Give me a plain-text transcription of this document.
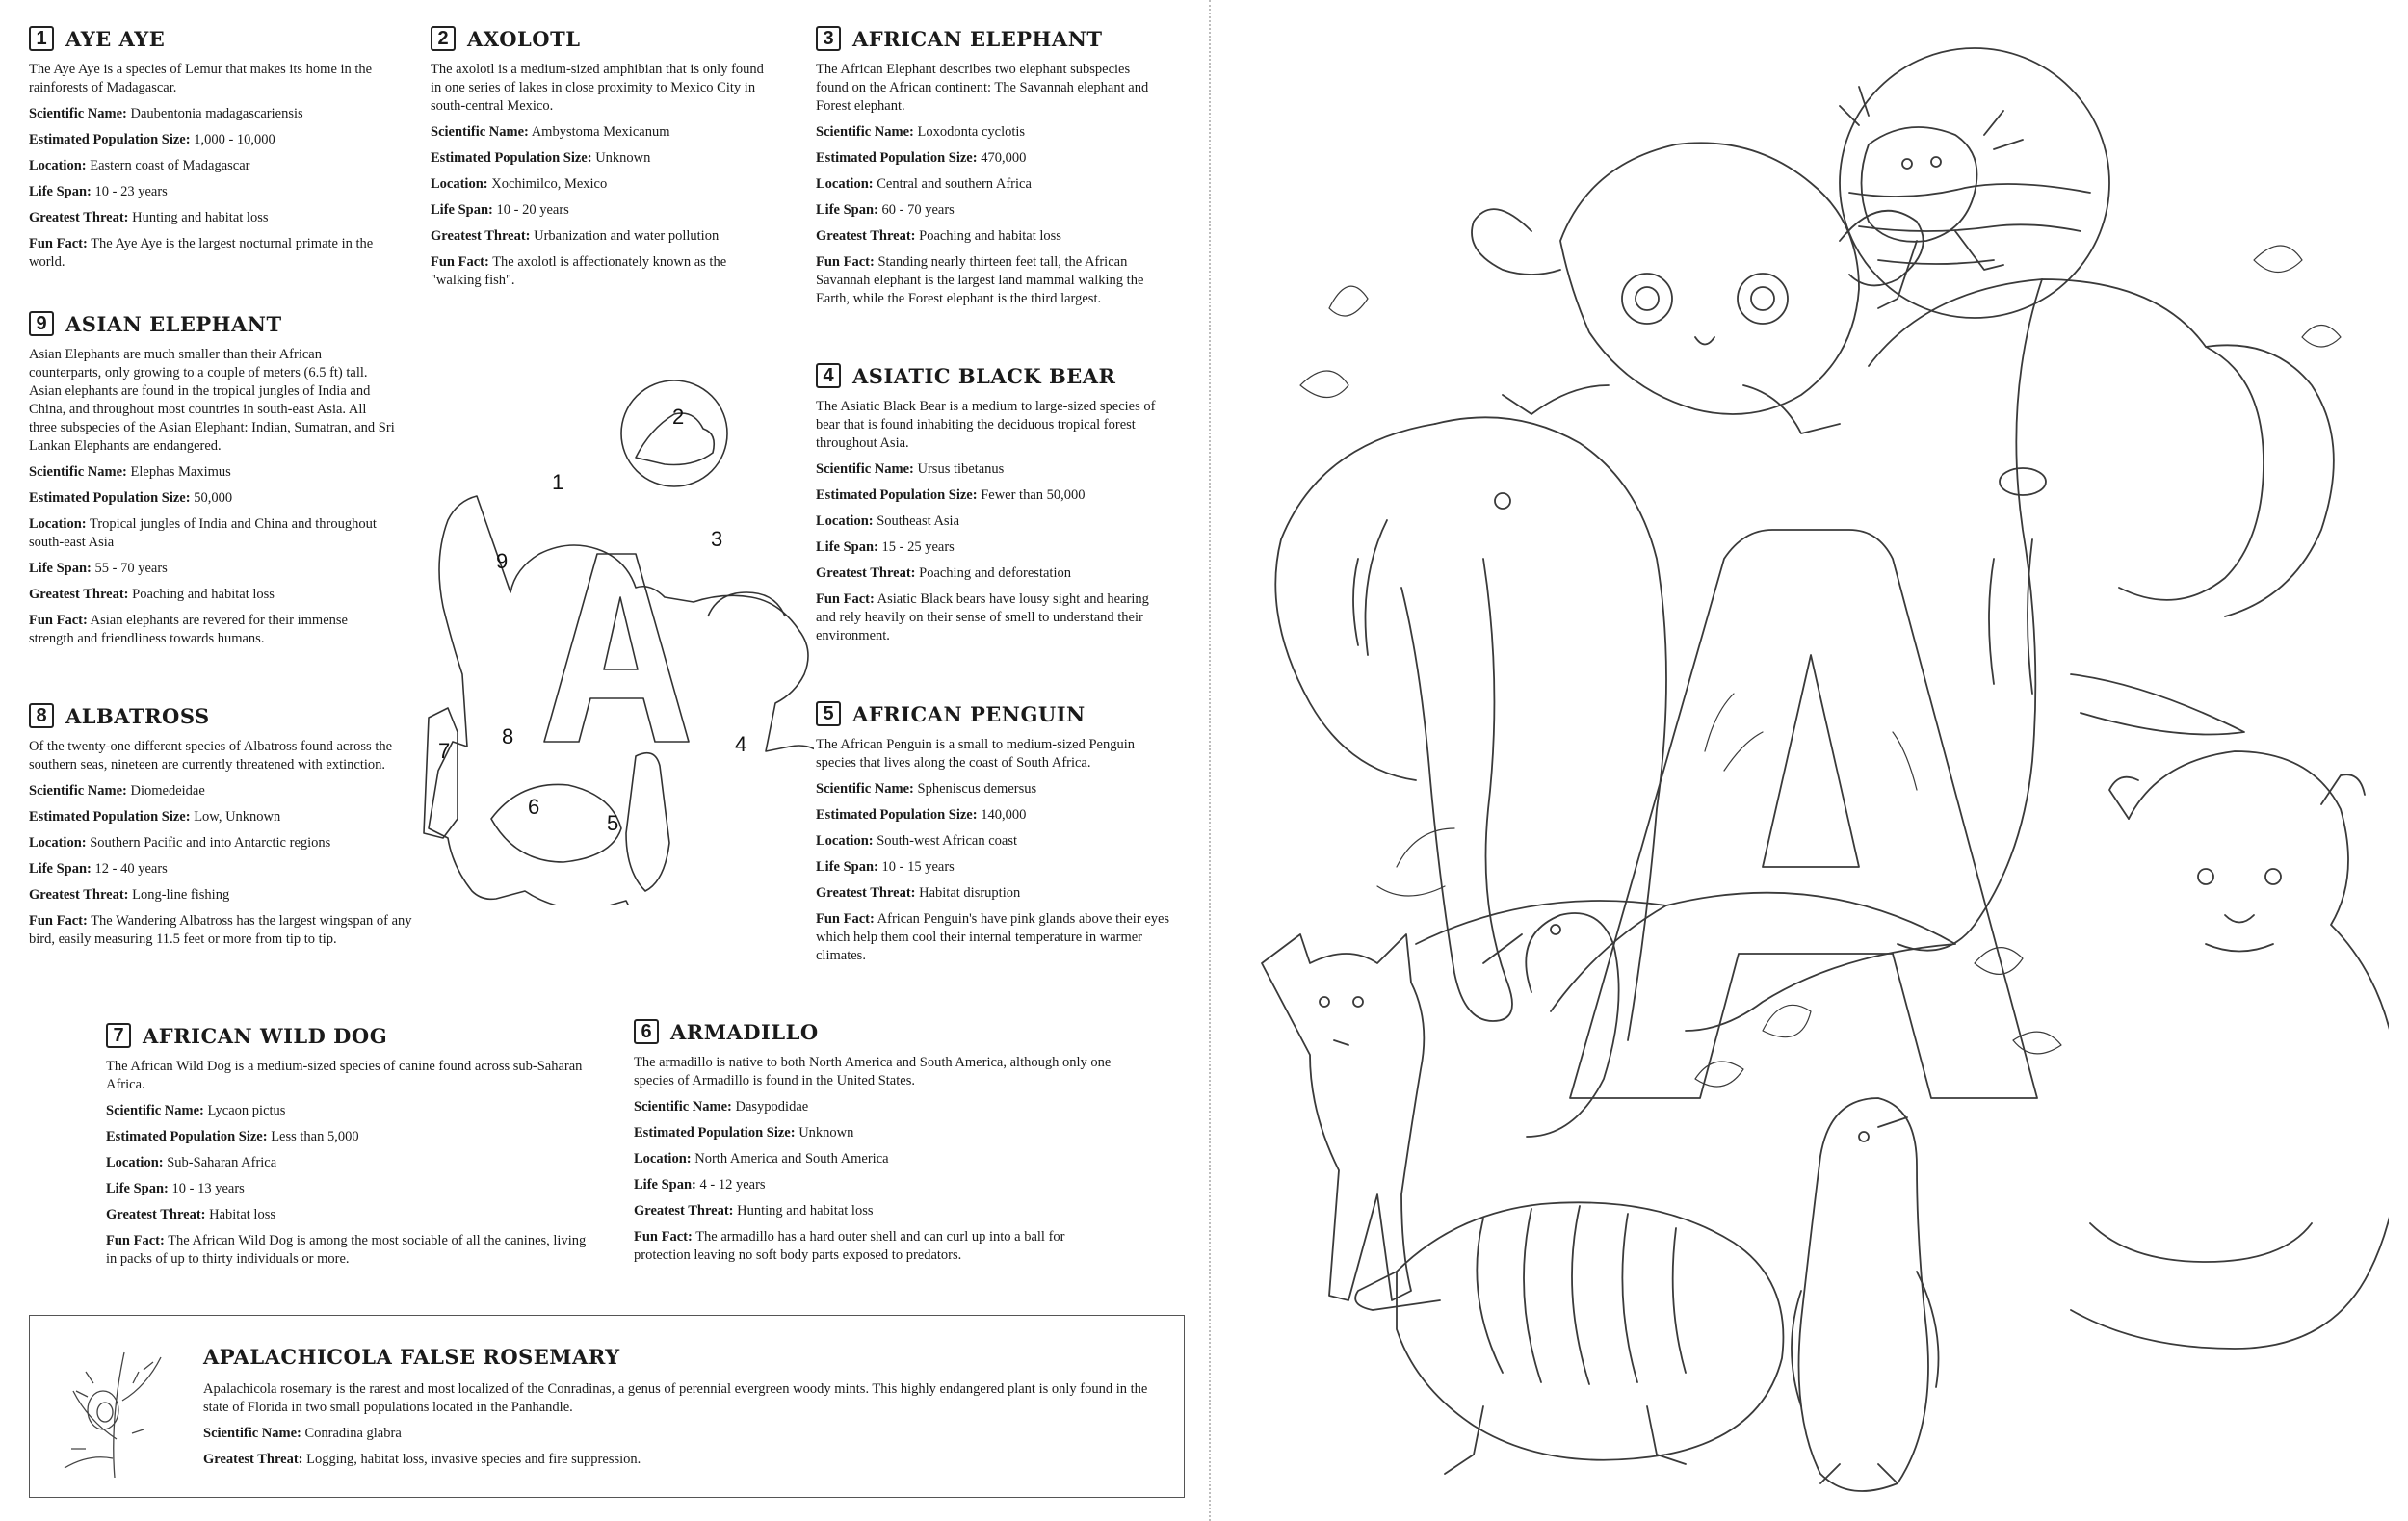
1 AYE AYE

The Aye Aye is a species of Lemur that makes its home in the rainforests of Madagascar.

Scientific Name: Daubentonia madagascariensis

Estimated Population Size: 1,000 - 10,000

Location: Eastern coast of Madagascar

Life Span: 10 - 23 years

Greatest Threat: Hunting and habitat loss

Fun Fact: The Aye Aye is the largest nocturnal primate in the world.

2 AXOLOTL

The axolotl is a medium-sized amphibian that is only found in one series of lakes in close proximity to Mexico City in south-central Mexico.

Scientific Name: Ambystoma Mexicanum

Estimated Population Size: Unknown

Location: Xochimilco, Mexico

Life Span: 10 - 20 years

Greatest Threat: Urbanization and water pollution

Fun Fact: The axolotl is affectionately known as the "walking fish".

3 AFRICAN ELEPHANT

The African Elephant describes two elephant subspecies found on the African continent: The Savannah elephant and Forest elephant.

Scientific Name: Loxodonta cyclotis

Estimated Population Size: 470,000

Location: Central and southern Africa

Life Span: 60 - 70 years

Greatest Threat: Poaching and habitat loss

Fun Fact: Standing nearly thirteen feet tall, the African Savannah elephant is the largest land mammal walking the Earth, while the Forest elephant is the third largest.

4 ASIATIC BLACK BEAR

The Asiatic Black Bear is a medium to large-sized species of bear that is found inhabiting the deciduous tropical forest throughout Asia.

Scientific Name: Ursus tibetanus

Estimated Population Size: Fewer than 50,000

Location: Southeast Asia

Life Span: 15 - 25 years

Greatest Threat: Poaching and deforestation

Fun Fact: Asiatic Black bears have lousy sight and hearing and rely heavily on their sense of smell to understand their environment.

5 AFRICAN PENGUIN

The African Penguin is a small to medium-sized Penguin species that lives along the coast of South Africa.

Scientific Name: Spheniscus demersus

Estimated Population Size: 140,000

Location: South-west African coast

Life Span: 10 - 15 years

Greatest Threat: Habitat disruption

Fun Fact: African Penguin's have pink glands above their eyes which help them cool their internal temperature in warmer climates.

6 ARMADILLO

The armadillo is native to both North America and South America, although only one species of Armadillo is found in the United States.

Scientific Name: Dasypodidae

Estimated Population Size: Unknown

Location: North America and South America

Life Span: 4 - 12 years

Greatest Threat: Hunting and habitat loss

Fun Fact: The armadillo has a hard outer shell and can curl up into a ball for protection leaving no soft body parts exposed to predators.

7 AFRICAN WILD DOG

The African Wild Dog is a medium-sized species of canine found across sub-Saharan Africa.

Scientific Name: Lycaon pictus

Estimated Population Size: Less than 5,000

Location: Sub-Saharan Africa

Life Span: 10 - 13 years

Greatest Threat: Habitat loss

Fun Fact: The African Wild Dog is among the most sociable of all the canines, living in packs of up to thirty individuals or more.

8 ALBATROSS

Of the twenty-one different species of Albatross found across the southern seas, nineteen are currently threatened with extinction.

Scientific Name: Diomedeidae

Estimated Population Size: Low, Unknown

Location: Southern Pacific and into Antarctic regions

Life Span: 12 - 40 years

Greatest Threat: Long-line fishing

Fun Fact: The Wandering Albatross has the largest wingspan of any bird, easily measuring 11.5 feet or more from tip to tip.

9 ASIAN ELEPHANT

Asian Elephants are much smaller than their African counterparts, only growing to a couple of meters (6.5 ft) tall. Asian elephants are found in the tropical jungles of India and China, and throughout most countries in south-east Asia. All three subspecies of the Asian Elephant: Indian, Sumatran, and Sri Lankan Elephants are endangered.

Scientific Name: Elephas Maximus

Estimated Population Size: 50,000

Location: Tropical jungles of India and China and throughout south-east Asia

Life Span: 55 - 70 years

Greatest Threat: Poaching and habitat loss

Fun Fact: Asian elephants are revered for their immense strength and friendliness towards humans.

1
2
3
4
5
6
7
8
9
APALACHICOLA FALSE ROSEMARY

Apalachicola rosemary is the rarest and most localized of the Conradinas, a genus of perennial evergreen woody mints. This highly endangered plant is only found in the state of Florida in two small populations located in the Panhandle.

Scientific Name: Conradina glabra

Greatest Threat: Logging, habitat loss, invasive species and fire suppression.
